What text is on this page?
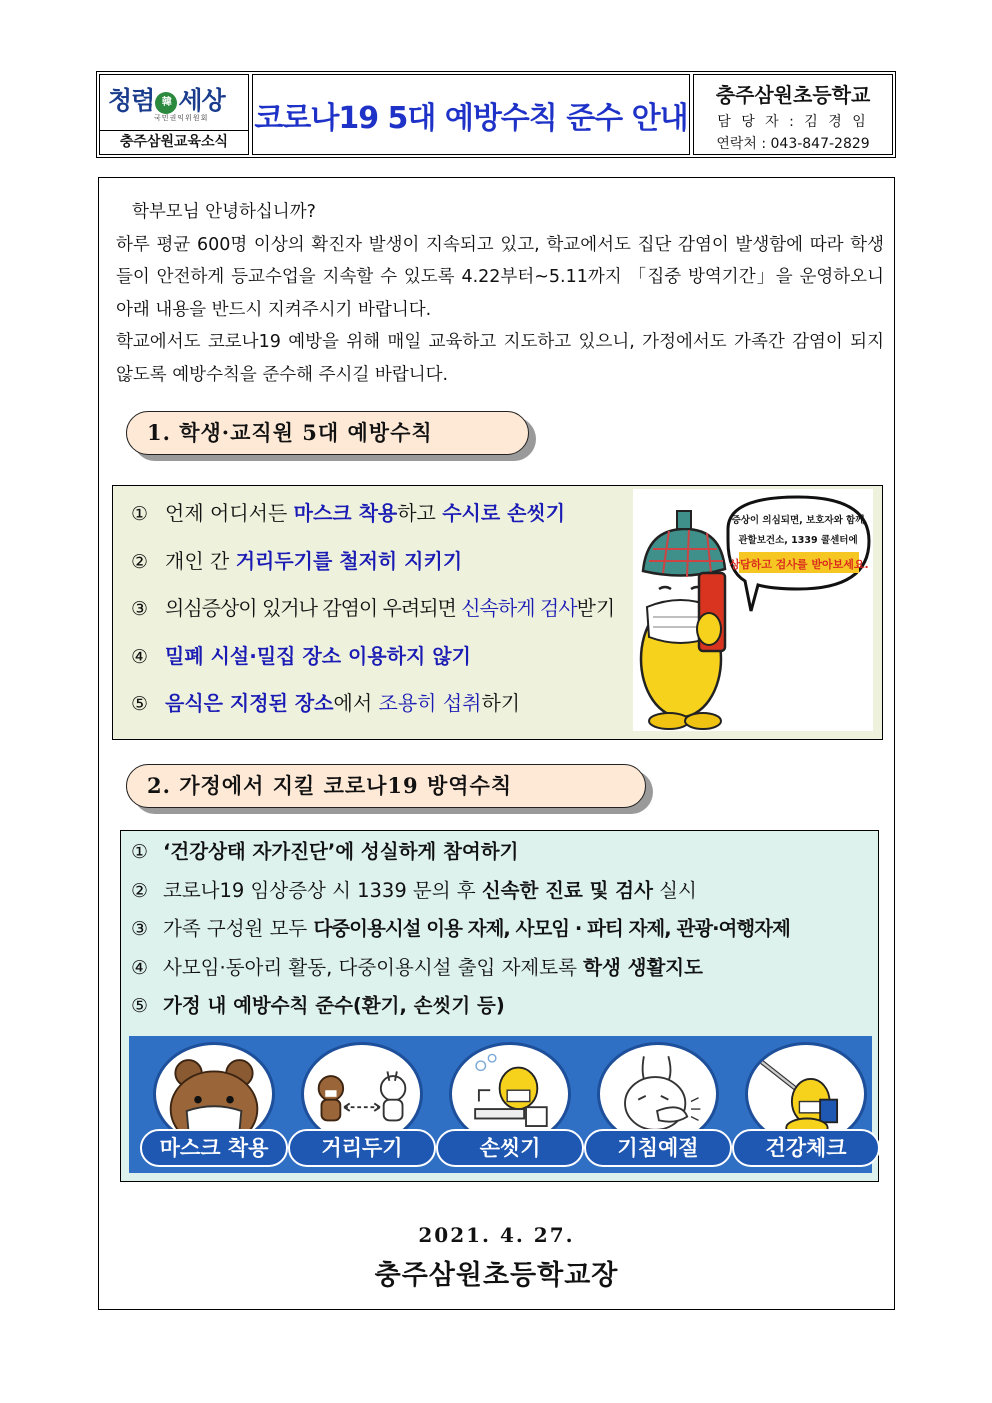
청렴 韓 세상
국민권익위원회
충주삼원교육소식
코로나19 5대 예방수칙 준수 안내
충주삼원초등학교
담 당 자 : 김 경 임
연락처 : 043-847-2829

학부모님 안녕하십니까?

하루 평균 600명 이상의 확진자 발생이 지속되고 있고, 학교에서도 집단 감염이 발생함에 따라 학생들이 안전하게 등교수업을 지속할 수 있도록 4.22부터~5.11까지 「집중 방역기간」을 운영하오니 아래 내용을 반드시 지켜주시기 바랍니다.

학교에서도 코로나19 예방을 위해 매일 교육하고 지도하고 있으니, 가정에서도 가족간 감염이 되지 않도록 예방수칙을 준수해 주시길 바랍니다.

1. 학생·교직원 5대 예방수칙
① 언제 어디서든 마스크 착용하고 수시로 손씻기
② 개인 간 거리두기를 철저히 지키기
③ 의심증상이 있거나 감염이 우려되면 신속하게 검사받기
④ 밀폐 시설·밀집 장소 이용하지 않기
⑤ 음식은 지정된 장소에서 조용히 섭취하기
증상이 의심되면, 보호자와 함께
관할보건소, 1339 콜센터에
상담하고 검사를 받아보세요.
2. 가정에서 지킬 코로나19 방역수칙
① ‘건강상태 자가진단’에 성실하게 참여하기
② 코로나19 임상증상 시 1339 문의 후 신속한 진료 및 검사 실시
③ 가족 구성원 모두 다중이용시설 이용 자제, 사모임 · 파티 자제, 관광·여행자제
④ 사모임·동아리 활동, 다중이용시설 출입 자제토록 학생 생활지도
⑤ 가정 내 예방수칙 준수(환기, 손씻기 등)
마스크 착용	거리두기	손씻기	기침예절	건강체크
2021. 4. 27.
충주삼원초등학교장
